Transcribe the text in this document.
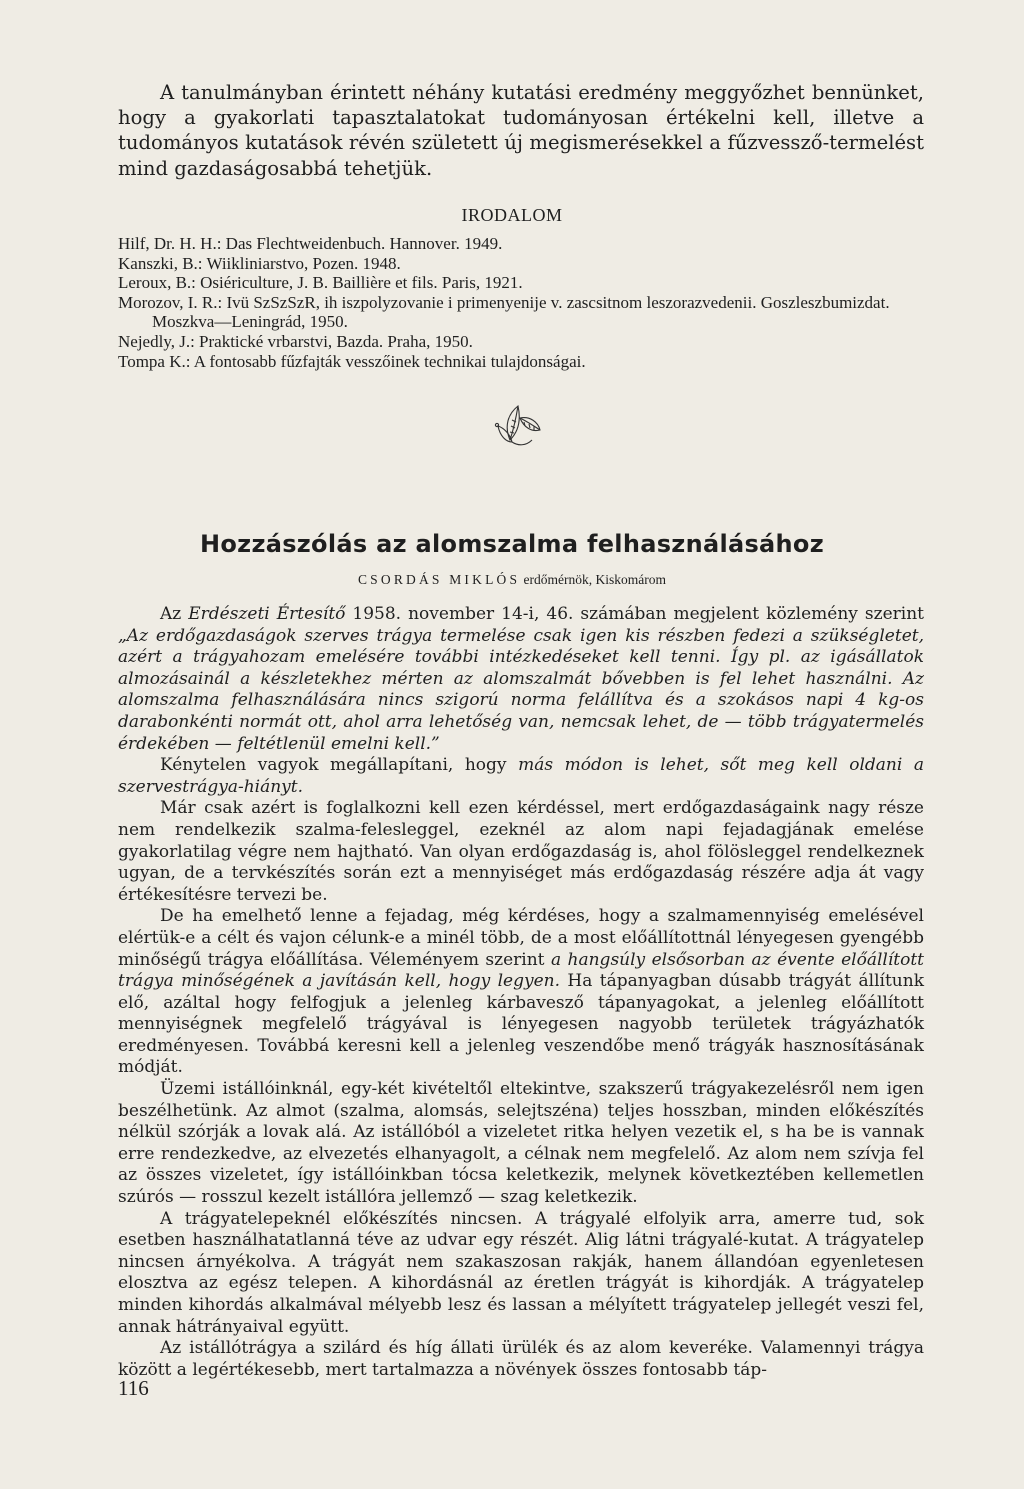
A tanulmányban érintett néhány kutatási eredmény meggyőzhet bennünket, hogy a gyakorlati tapasztalatokat tudományosan értékelni kell, illetve a tudományos kutatások révén született új megismerésekkel a fűzvessző-termelést mind gazdaságosabbá tehetjük.

IRODALOM
Hilf, Dr. H. H.: Das Flechtweidenbuch. Hannover. 1949.
Kanszki, B.: Wiikliniarstvo, Pozen. 1948.
Leroux, B.: Osiériculture, J. B. Baillière et fils. Paris, 1921.
Morozov, I. R.: Ivü SzSzSzR, ih iszpolyzovanie i primenyenije v. zascsitnom leszorazvedenii. Goszleszbumizdat. Moszkva—Leningrád, 1950.
Nejedly, J.: Praktické vrbarstvi, Bazda. Praha, 1950.
Tompa K.: A fontosabb fűzfajták vesszőinek technikai tulajdonságai.
Hozzászólás az alomszalma felhasználásához
CSORDÁS MIKLÓS erdőmérnök, Kiskomárom

Az Erdészeti Értesítő 1958. november 14-i, 46. számában megjelent közlemény szerint „Az erdőgazdaságok szerves trágya termelése csak igen kis részben fedezi a szükségletet, azért a trágyahozam emelésére további intézkedéseket kell tenni. Így pl. az igásállatok almozásainál a készletekhez mérten az alomszalmát bővebben is fel lehet használni. Az alomszalma felhasználására nincs szigorú norma felállítva és a szokásos napi 4 kg-os darabonkénti normát ott, ahol arra lehetőség van, nemcsak lehet, de — több trágyatermelés érdekében — feltétlenül emelni kell.”

Kénytelen vagyok megállapítani, hogy más módon is lehet, sőt meg kell oldani a szervestrágya-hiányt.

Már csak azért is foglalkozni kell ezen kérdéssel, mert erdőgazdaságaink nagy része nem rendelkezik szalma-feleslеggel, ezeknél az alom napi fejadagjának emelése gyakorlatilag végre nem hajtható. Van olyan erdőgazdaság is, ahol fölösleggel rendelkeznek ugyan, de a tervkészítés során ezt a mennyiséget más erdőgazdaság részére adja át vagy értékesítésre tervezi be.

De ha emelhető lenne a fejadag, még kérdéses, hogy a szalmamennyiség emelésével elértük-e a célt és vajon célunk-e a minél több, de a most előállítottnál lényegesen gyengébb minőségű trágya előállítása. Véleményem szerint a hangsúly elsősorban az évente előállított trágya minőségének a javításán kell, hogy legyen. Ha tápanyagban dúsabb trágyát állítunk elő, azáltal hogy felfogjuk a jelenleg kárbavesző tápanyagokat, a jelenleg előállított mennyiségnek megfelelő trágyával is lényegesen nagyobb területek trágyázhatók eredményesen. Továbbá keresni kell a jelenleg veszendőbe menő trágyák hasznosításának módját.

Üzemi istállóinknál, egy-két kivételtől eltekintve, szakszerű trágyakezelésről nem igen beszélhetünk. Az almot (szalma, alomsás, selejtszéna) teljes hosszban, minden előkészítés nélkül szórják a lovak alá. Az istállóból a vizeletet ritka helyen vezetik el, s ha be is vannak erre rendezkedve, az elvezetés elhanyagolt, a célnak nem megfelelő. Az alom nem szívja fel az összes vizeletet, így istállóinkban tócsa keletkezik, melynek következtében kellemetlen szúrós — rosszul kezelt istállóra jellemző — szag keletkezik.

A trágyatelepeknél előkészítés nincsen. A trágyalé elfolyik arra, amerre tud, sok esetben használhatatlanná téve az udvar egy részét. Alig látni trágyalé-kutat. A trágyatelep nincsen árnyékolva. A trágyát nem szakaszosan rakják, hanem állandóan egyenletesen elosztva az egész telepen. A kihordásnál az éretlen trágyát is kihordják. A trágyatelep minden kihordás alkalmával mélyebb lesz és lassan a mélyített trágyatelep jellegét veszi fel, annak hátrányaival együtt.

Az istállótrágya a szilárd és híg állati ürülék és az alom keveréke. Valamennyi trágya között a legértékesebb, mert tartalmazza a növények összes fontosabb táp-

116
